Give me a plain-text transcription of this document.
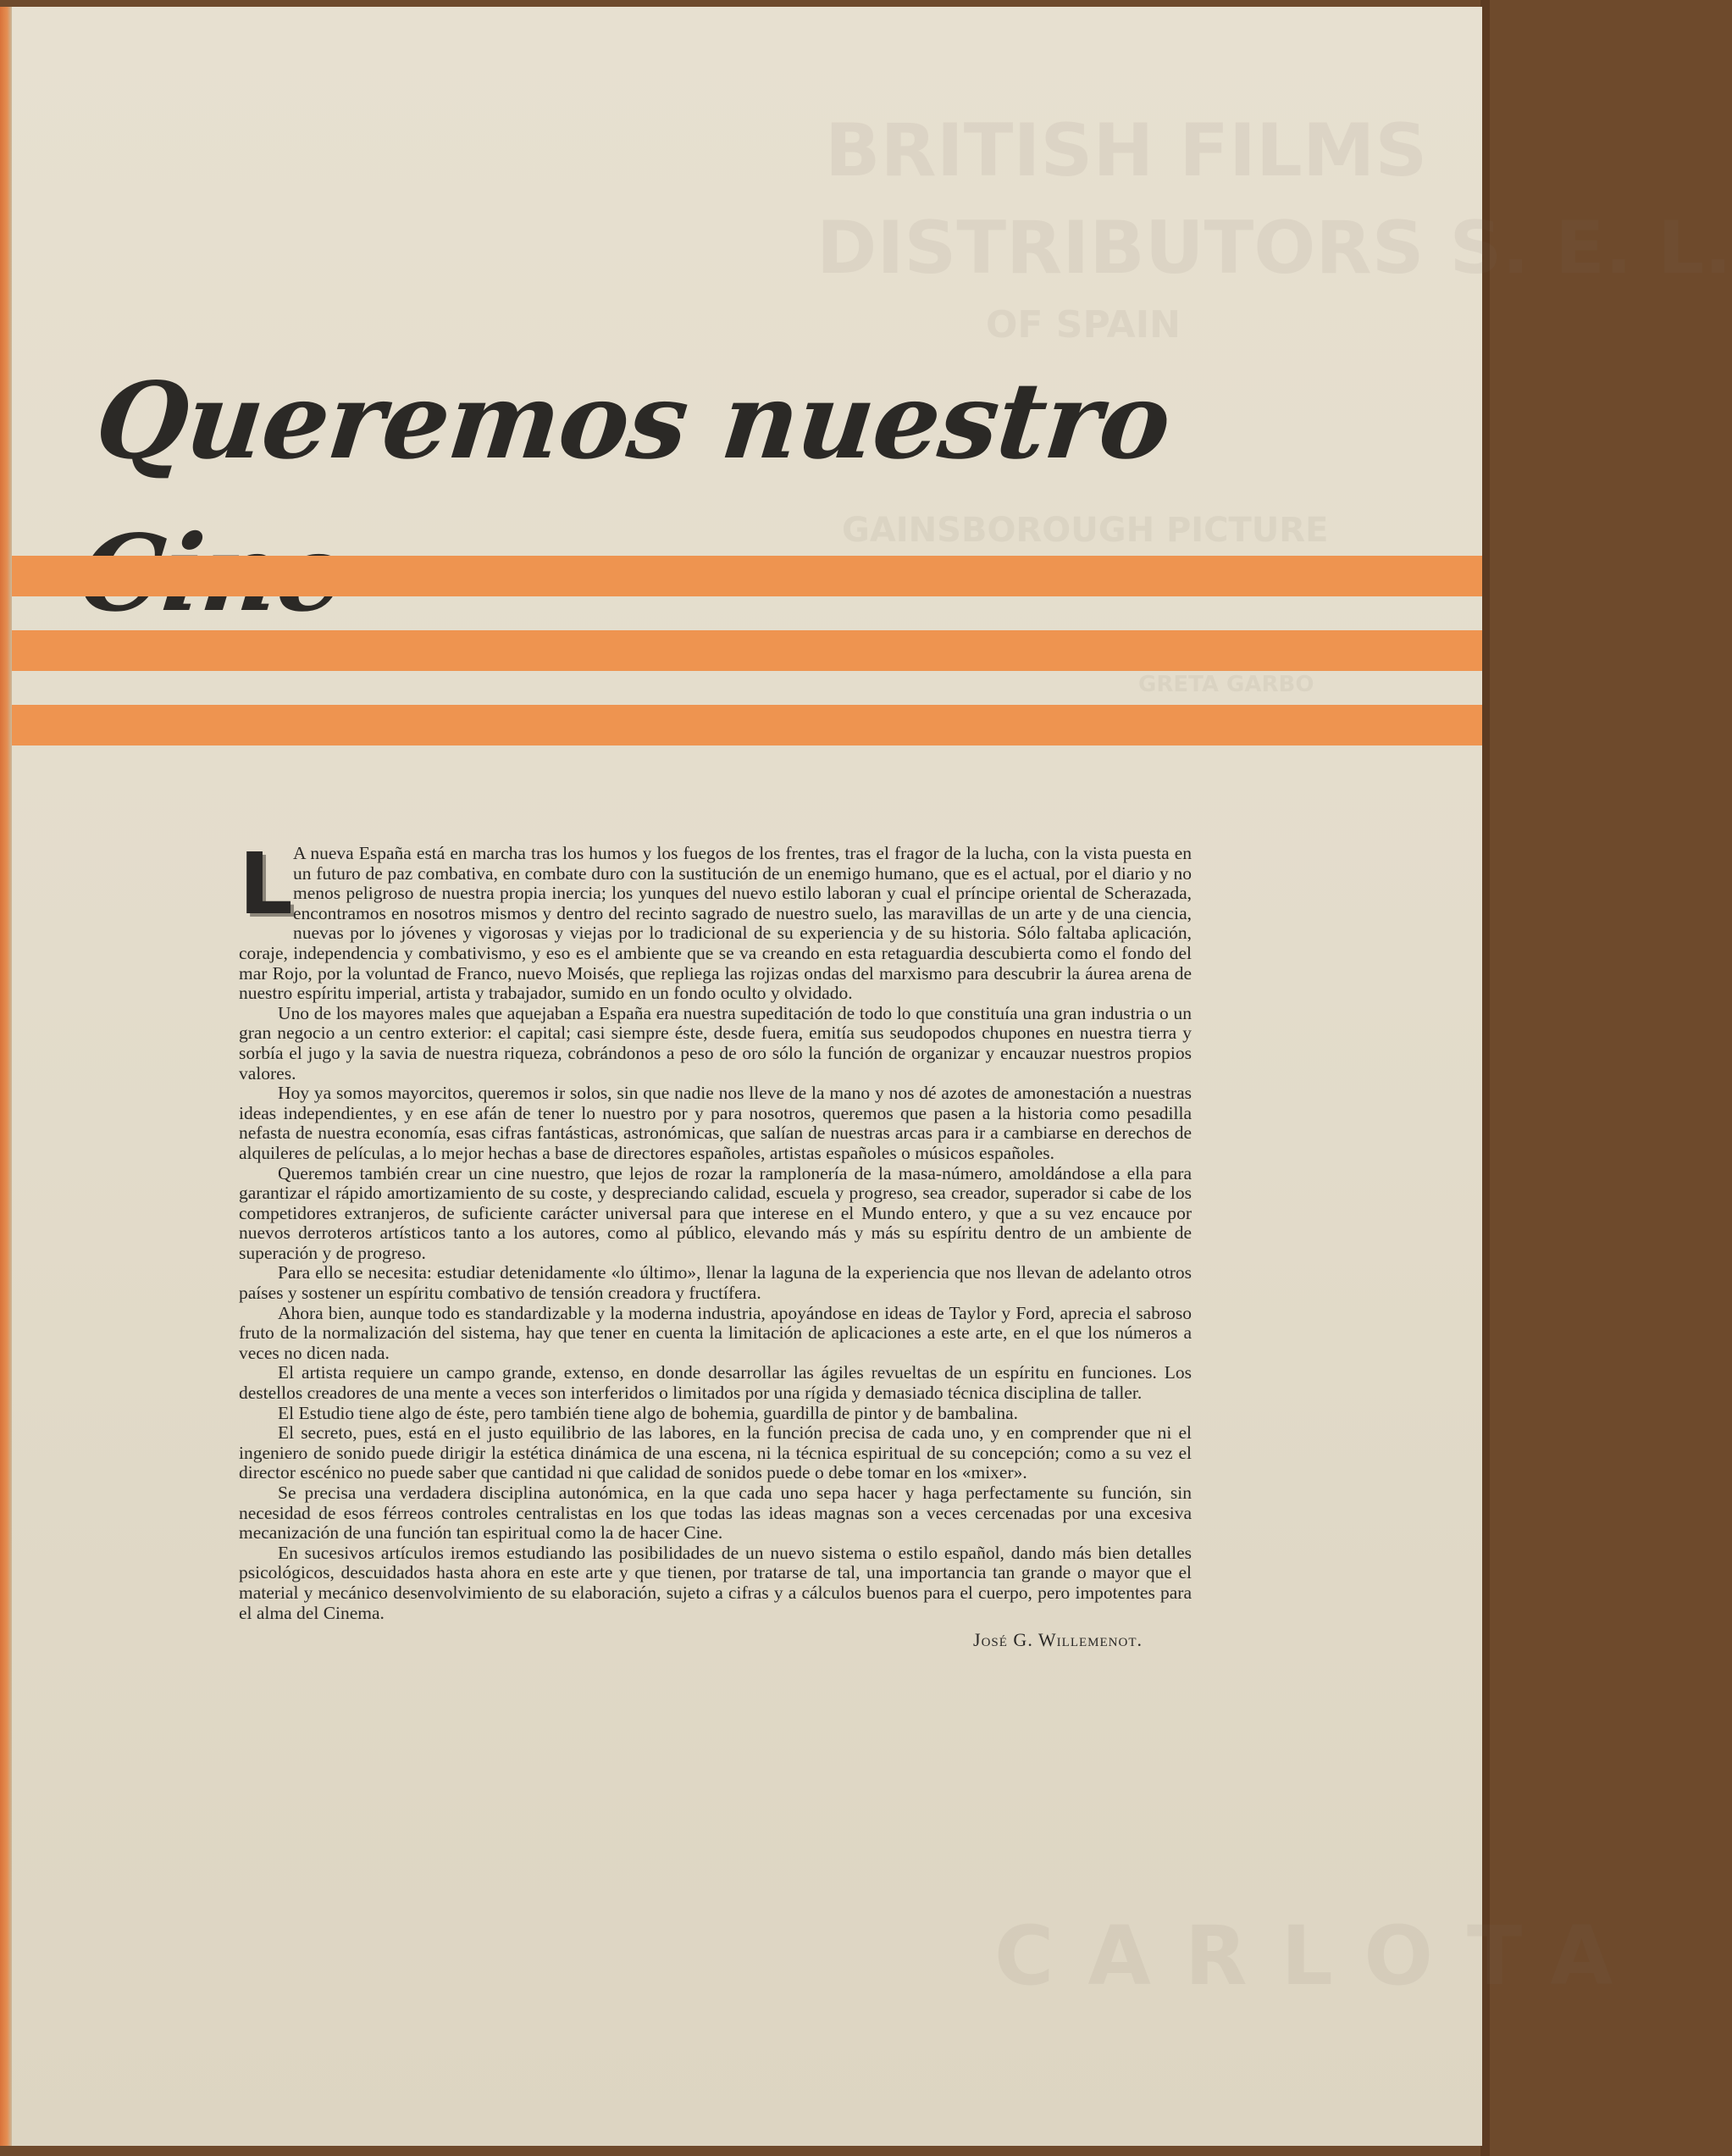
BRITISH FILMS
DISTRIBUTORS S. E. L.
OF SPAIN
GAINSBOROUGH PICTURE
GRETA GARBO
CARLOTA
Queremos nuestro

L A nueva España está en marcha tras los humos y los fuegos de los frentes, tras el fragor de la lucha, con la vista puesta en un futuro de paz combativa, en combate duro con la sustitución de un enemigo humano, que es el actual, por el diario y no menos peligroso de nuestra propia inercia; los yunques del nuevo estilo laboran y cual el príncipe oriental de Scherazada, encontramos en nosotros mismos y dentro del recinto sagrado de nuestro suelo, las maravillas de un arte y de una ciencia, nuevas por lo jóvenes y vigorosas y viejas por lo tradicional de su experiencia y de su historia. Sólo faltaba aplicación, coraje, independencia y combativismo, y eso es el ambiente que se va creando en esta retaguardia descubierta como el fondo del mar Rojo, por la voluntad de Franco, nuevo Moisés, que repliega las rojizas ondas del marxismo para descubrir la áurea arena de nuestro espíritu imperial, artista y trabajador, sumido en un fondo oculto y olvidado.

Uno de los mayores males que aquejaban a España era nuestra supeditación de todo lo que constituía una gran industria o un gran negocio a un centro exterior: el capital; casi siempre éste, desde fuera, emitía sus seudopodos chupones en nuestra tierra y sorbía el jugo y la savia de nuestra riqueza, cobrándonos a peso de oro sólo la función de organizar y encauzar nuestros propios valores.

Hoy ya somos mayorcitos, queremos ir solos, sin que nadie nos lleve de la mano y nos dé azotes de amonestación a nuestras ideas independientes, y en ese afán de tener lo nuestro por y para nosotros, queremos que pasen a la historia como pesadilla nefasta de nuestra economía, esas cifras fantásticas, astronómicas, que salían de nuestras arcas para ir a cambiarse en derechos de alquileres de películas, a lo mejor hechas a base de directores españoles, artistas españoles o músicos españoles.

Queremos también crear un cine nuestro, que lejos de rozar la ramplonería de la masa-número, amoldándose a ella para garantizar el rápido amortizamiento de su coste, y despreciando calidad, escuela y progreso, sea creador, superador si cabe de los competidores extranjeros, de suficiente carácter universal para que interese en el Mundo entero, y que a su vez encauce por nuevos derroteros artísticos tanto a los autores, como al público, elevando más y más su espíritu dentro de un ambiente de superación y de progreso.

Para ello se necesita: estudiar detenidamente «lo último», llenar la laguna de la experiencia que nos llevan de adelanto otros países y sostener un espíritu combativo de tensión creadora y fructífera.

Ahora bien, aunque todo es standardizable y la moderna industria, apoyándose en ideas de Taylor y Ford, aprecia el sabroso fruto de la normalización del sistema, hay que tener en cuenta la limitación de aplicaciones a este arte, en el que los números a veces no dicen nada.

El artista requiere un campo grande, extenso, en donde desarrollar las ágiles revueltas de un espíritu en funciones. Los destellos creadores de una mente a veces son interferidos o limitados por una rígida y demasiado técnica disciplina de taller.

El Estudio tiene algo de éste, pero también tiene algo de bohemia, guardilla de pintor y de bambalina.

El secreto, pues, está en el justo equilibrio de las labores, en la función precisa de cada uno, y en comprender que ni el ingeniero de sonido puede dirigir la estética dinámica de una escena, ni la técnica espiritual de su concepción; como a su vez el director escénico no puede saber que cantidad ni que calidad de sonidos puede o debe tomar en los «mixer».

Se precisa una verdadera disciplina autonómica, en la que cada uno sepa hacer y haga perfectamente su función, sin necesidad de esos férreos controles centralistas en los que todas las ideas magnas son a veces cercenadas por una excesiva mecanización de una función tan espiritual como la de hacer Cine.

En sucesivos artículos iremos estudiando las posibilidades de un nuevo sistema o estilo español, dando más bien detalles psicológicos, descuidados hasta ahora en este arte y que tienen, por tratarse de tal, una importancia tan grande o mayor que el material y mecánico desenvolvimiento de su elaboración, sujeto a cifras y a cálculos buenos para el cuerpo, pero impotentes para el alma del Cinema.

José G. Willemenot.
